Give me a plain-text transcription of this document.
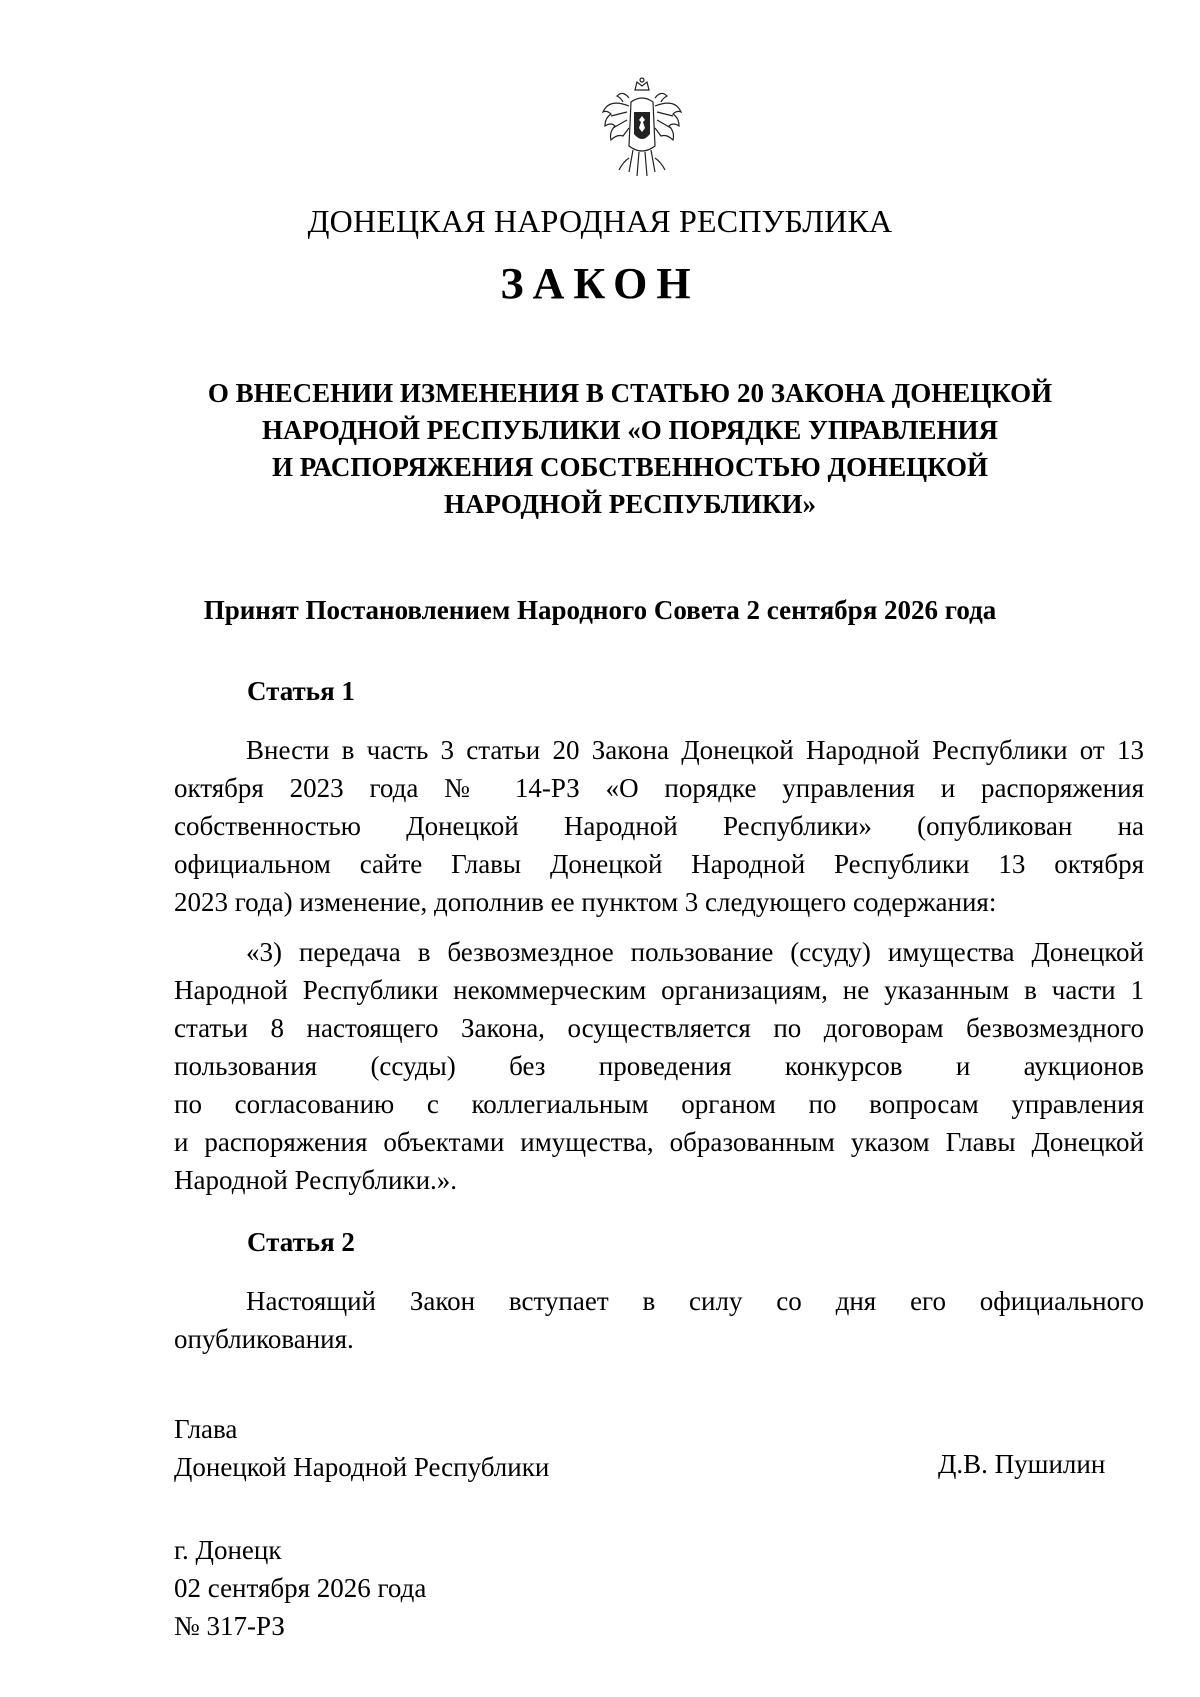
ДОНЕЦКАЯ НАРОДНАЯ РЕСПУБЛИКА
ЗАКОН
О ВНЕСЕНИИ ИЗМЕНЕНИЯ В СТАТЬЮ 20 ЗАКОНА ДОНЕЦКОЙ
НАРОДНОЙ РЕСПУБЛИКИ «О ПОРЯДКЕ УПРАВЛЕНИЯ
И РАСПОРЯЖЕНИЯ СОБСТВЕННОСТЬЮ ДОНЕЦКОЙ
НАРОДНОЙ РЕСПУБЛИКИ»
Принят Постановлением Народного Совета 2 сентября 2026 года
Статья 1
Внести в часть 3 статьи 20 Закона Донецкой Народной Республики от 13
октября 2023 года № 14-РЗ «О порядке управления и распоряжения
собственностью Донецкой Народной Республики» (опубликован на
официальном сайте Главы Донецкой Народной Республики 13 октября
2023 года) изменение, дополнив ее пунктом 3 следующего содержания:
«3) передача в безвозмездное пользование (ссуду) имущества Донецкой
Народной Республики некоммерческим организациям, не указанным в части 1
статьи 8 настоящего Закона, осуществляется по договорам безвозмездного
пользования (ссуды) без проведения конкурсов и аукционов
по согласованию с коллегиальным органом по вопросам управления
и распоряжения объектами имущества, образованным указом Главы Донецкой
Народной Республики.».
Статья 2
Настоящий Закон вступает в силу со дня его официального
опубликования.
Глава
Донецкой Народной Республики	Д.В. Пушилин
г. Донецк
02 сентября 2026 года
№ 317-РЗ
